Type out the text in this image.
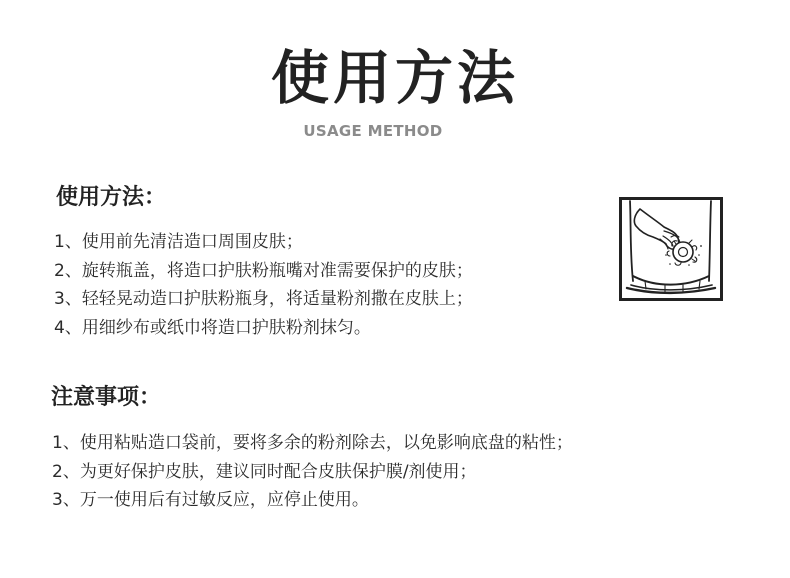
使用方法
USAGE METHOD
使用方法：
1、使用前先清洁造口周围皮肤；
2、旋转瓶盖，将造口护肤粉瓶嘴对准需要保护的皮肤；
3、轻轻晃动造口护肤粉瓶身，将适量粉剂撒在皮肤上；
4、用细纱布或纸巾将造口护肤粉剂抹匀。
注意事项：
1、使用粘贴造口袋前，要将多余的粉剂除去，以免影响底盘的粘性；
2、为更好保护皮肤，建议同时配合皮肤保护膜/剂使用；
3、万一使用后有过敏反应，应停止使用。
